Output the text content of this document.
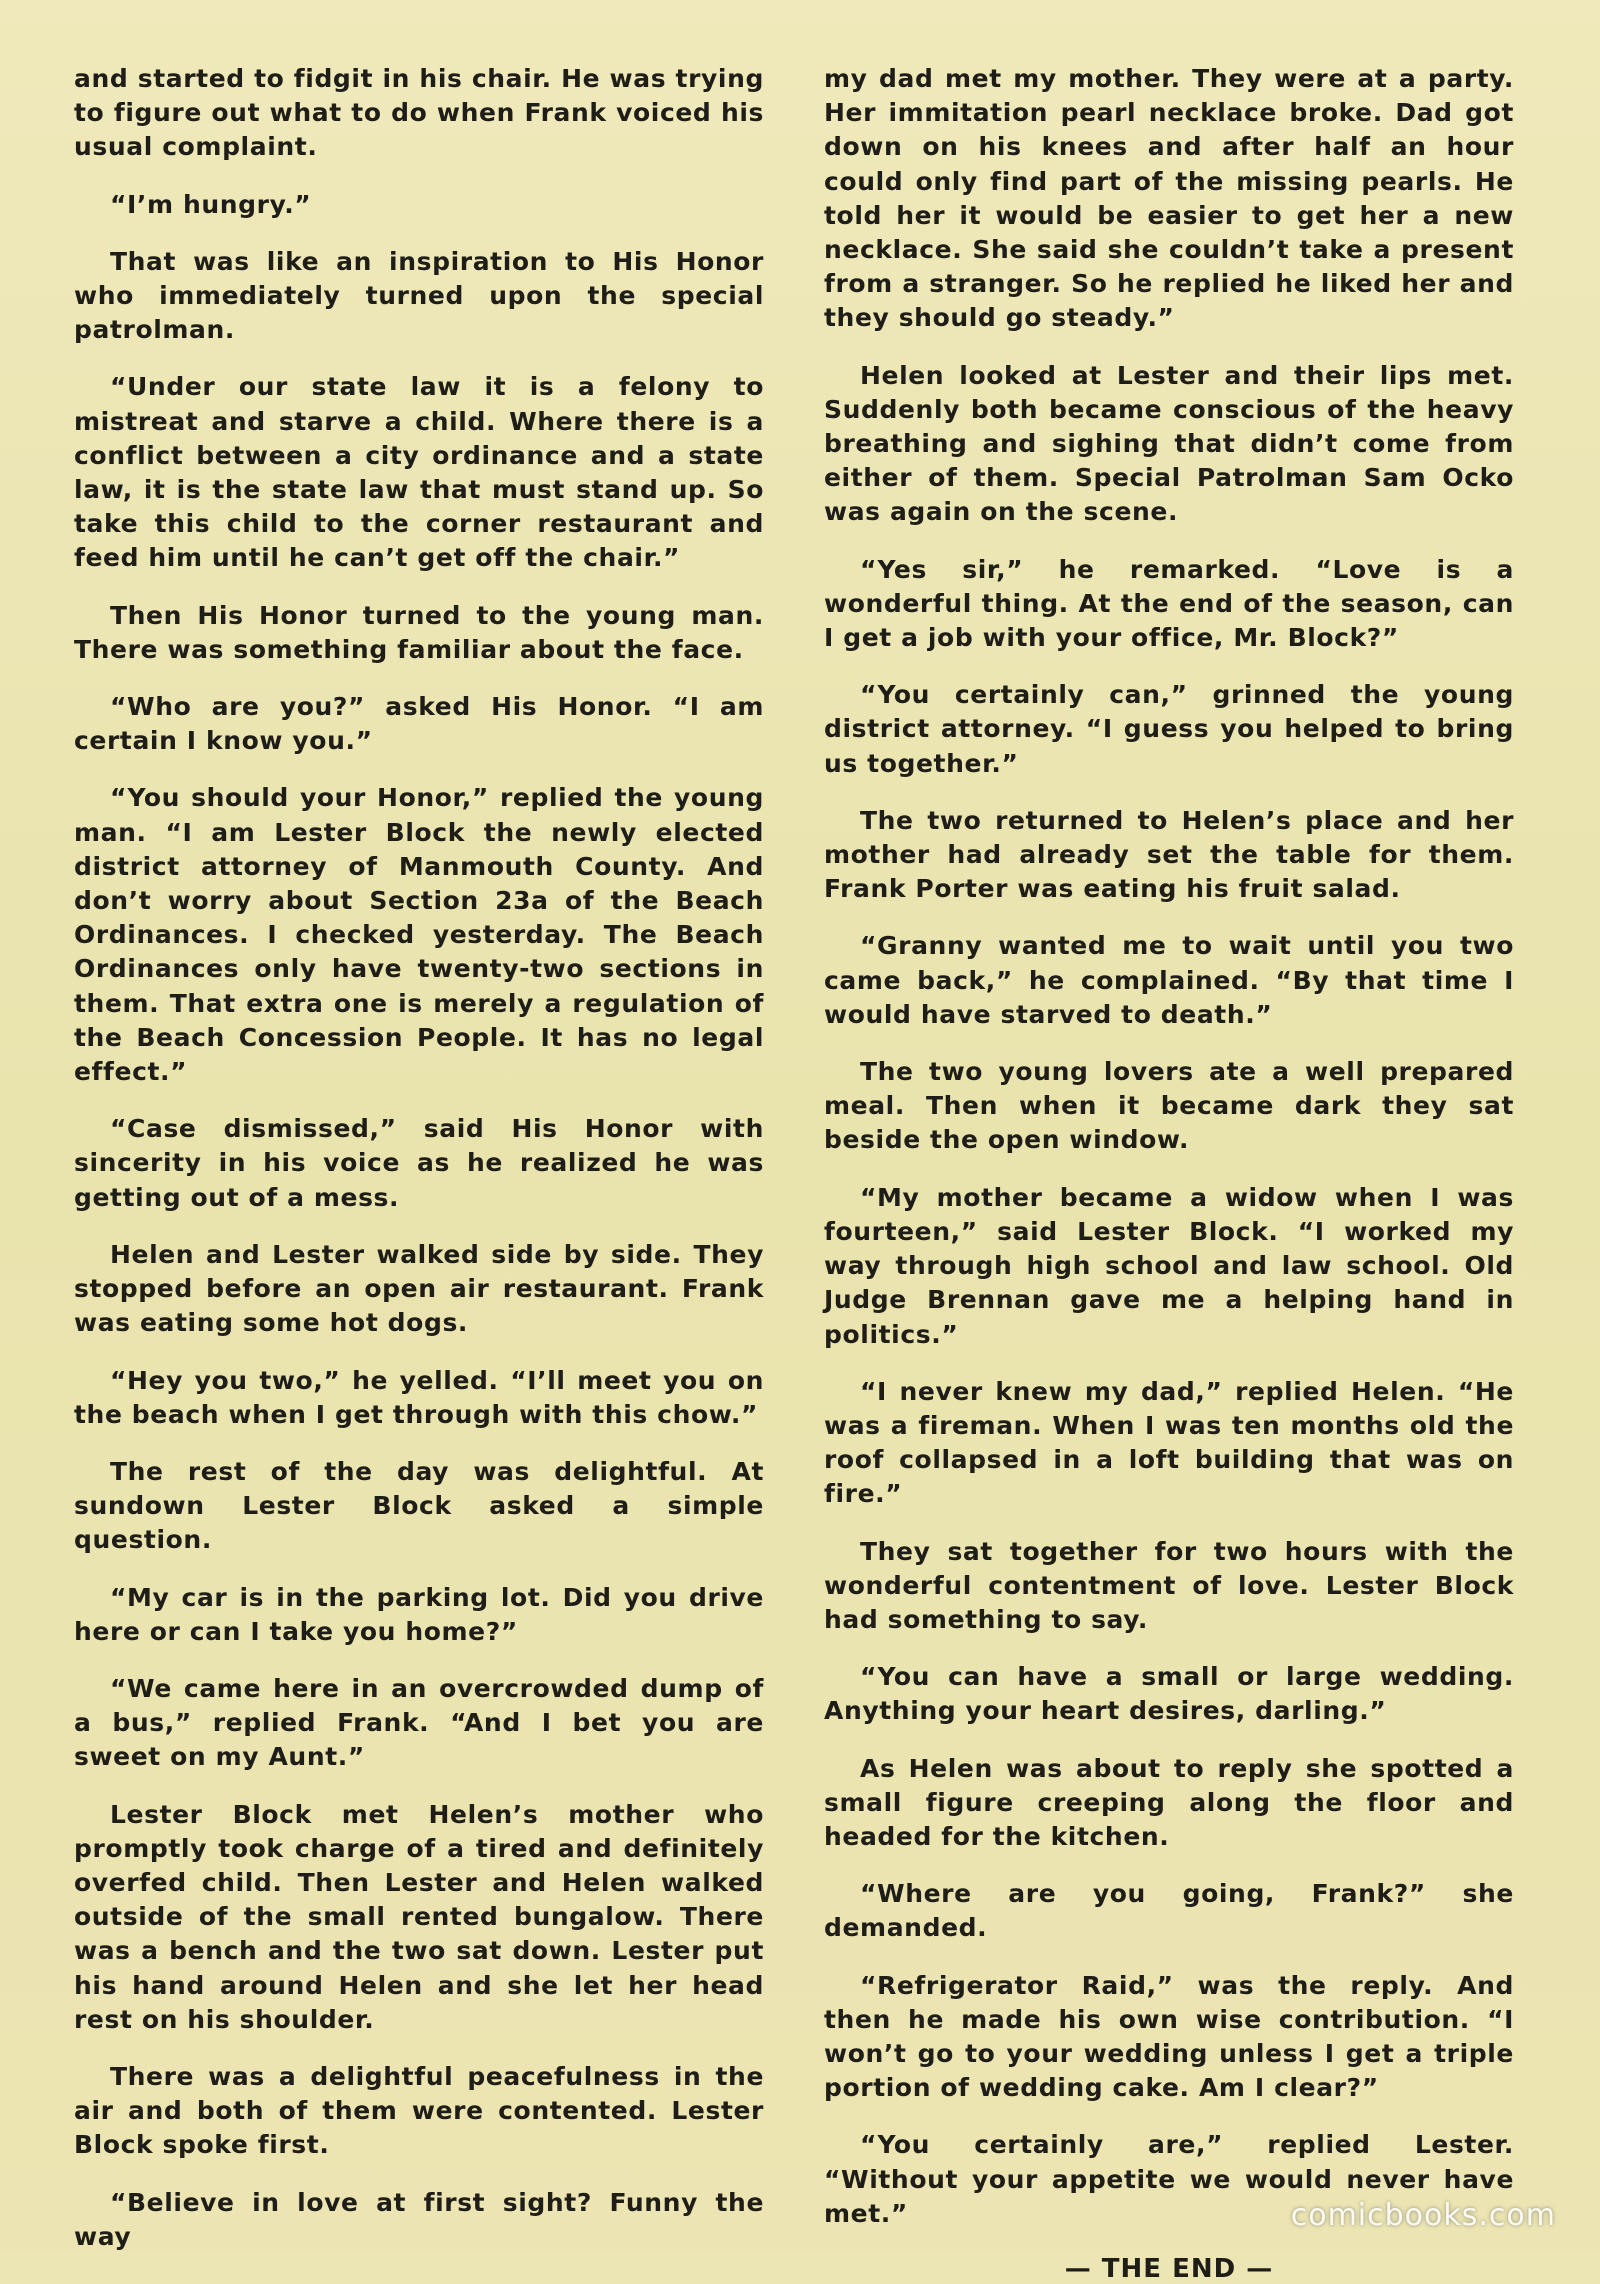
and started to fidgit in his chair. He was trying to figure out what to do when Frank voiced his usual complaint.

“I’m hungry.”

That was like an inspiration to His Honor who immediately turned upon the special patrolman.

“Under our state law it is a felony to mistreat and starve a child. Where there is a conflict between a city ordinance and a state law, it is the state law that must stand up. So take this child to the corner restaurant and feed him until he can’t get off the chair.”

Then His Honor turned to the young man. There was something familiar about the face.

“Who are you?” asked His Honor. “I am certain I know you.”

“You should your Honor,” replied the young man. “I am Lester Block the newly elected district attorney of Manmouth County. And don’t worry about Section 23a of the Beach Ordinances. I checked yesterday. The Beach Ordinances only have twenty-two sections in them. That extra one is merely a regulation of the Beach Concession People. It has no legal effect.”

“Case dismissed,” said His Honor with sincerity in his voice as he realized he was getting out of a mess.

Helen and Lester walked side by side. They stopped before an open air restaurant. Frank was eating some hot dogs.

“Hey you two,” he yelled. “I’ll meet you on the beach when I get through with this chow.”

The rest of the day was delightful. At sundown Lester Block asked a simple question.

“My car is in the parking lot. Did you drive here or can I take you home?”

“We came here in an overcrowded dump of a bus,” replied Frank. “And I bet you are sweet on my Aunt.”

Lester Block met Helen’s mother who promptly took charge of a tired and definitely overfed child. Then Lester and Helen walked outside of the small rented bungalow. There was a bench and the two sat down. Lester put his hand around Helen and she let her head rest on his shoulder.

There was a delightful peacefulness in the air and both of them were contented. Lester Block spoke first.

“Believe in love at first sight? Funny the way

my dad met my mother. They were at a party. Her immitation pearl necklace broke. Dad got down on his knees and after half an hour could only find part of the missing pearls. He told her it would be easier to get her a new necklace. She said she couldn’t take a present from a stranger. So he replied he liked her and they should go steady.”

Helen looked at Lester and their lips met. Suddenly both became conscious of the heavy breathing and sighing that didn’t come from either of them. Special Patrolman Sam Ocko was again on the scene.

“Yes sir,” he remarked. “Love is a wonderful thing. At the end of the season, can I get a job with your office, Mr. Block?”

“You certainly can,” grinned the young district attorney. “I guess you helped to bring us together.”

The two returned to Helen’s place and her mother had already set the table for them. Frank Porter was eating his fruit salad.

“Granny wanted me to wait until you two came back,” he complained. “By that time I would have starved to death.”

The two young lovers ate a well prepared meal. Then when it became dark they sat beside the open window.

“My mother became a widow when I was fourteen,” said Lester Block. “I worked my way through high school and law school. Old Judge Brennan gave me a helping hand in politics.”

“I never knew my dad,” replied Helen. “He was a fireman. When I was ten months old the roof collapsed in a loft building that was on fire.”

They sat together for two hours with the wonderful contentment of love. Lester Block had something to say.

“You can have a small or large wedding. Anything your heart desires, darling.”

As Helen was about to reply she spotted a small figure creeping along the floor and headed for the kitchen.

“Where are you going, Frank?” she demanded.

“Refrigerator Raid,” was the reply. And then he made his own wise contribution. “I won’t go to your wedding unless I get a triple portion of wedding cake. Am I clear?”

“You certainly are,” replied Lester. “Without your appetite we would never have met.”

— THE END —
comicbooks.com
